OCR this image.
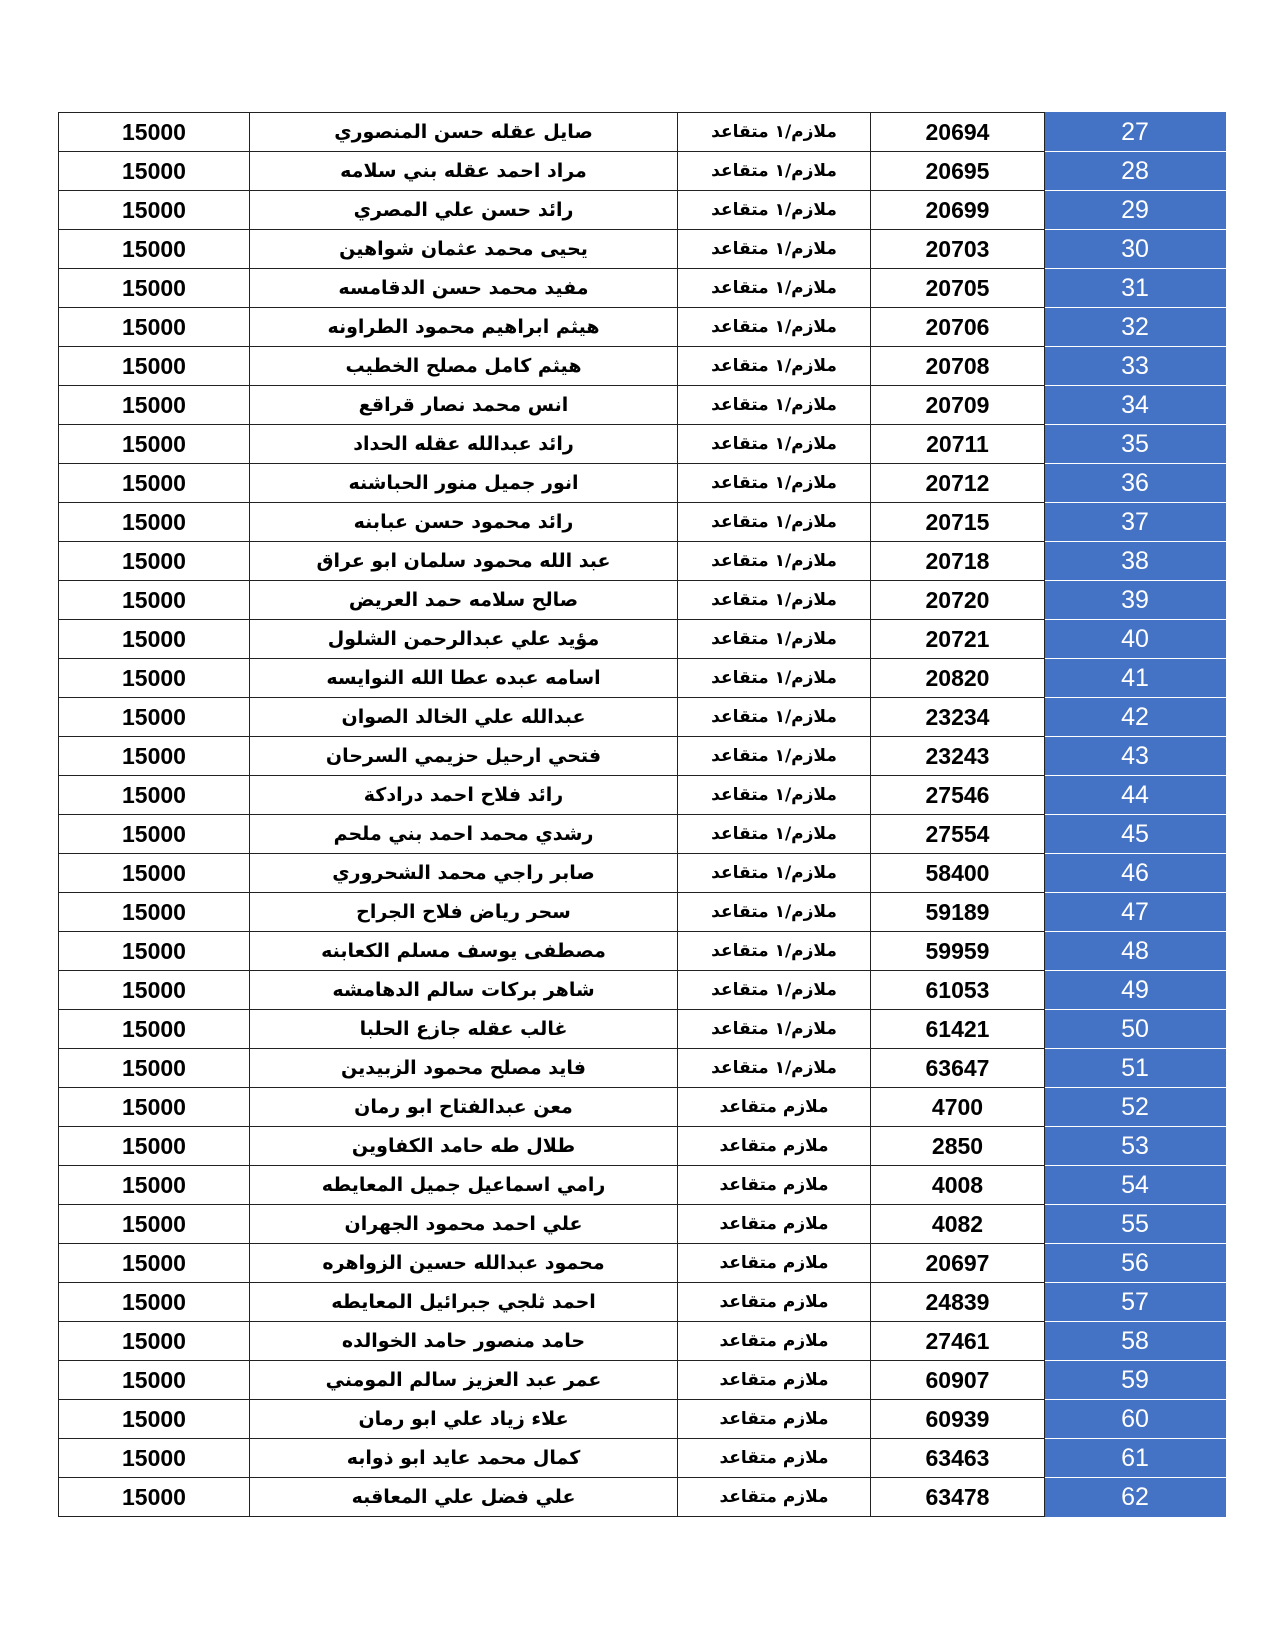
15000	صايل عقله حسن المنصوري	ملازم/١ متقاعد	20694	27
15000	مراد احمد عقله بني سلامه	ملازم/١ متقاعد	20695	28
15000	رائد حسن علي المصري	ملازم/١ متقاعد	20699	29
15000	يحيى محمد عثمان شواهين	ملازم/١ متقاعد	20703	30
15000	مفيد محمد حسن الدقامسه	ملازم/١ متقاعد	20705	31
15000	هيثم ابراهيم محمود الطراونه	ملازم/١ متقاعد	20706	32
15000	هيثم كامل مصلح الخطيب	ملازم/١ متقاعد	20708	33
15000	انس محمد نصار قراقع	ملازم/١ متقاعد	20709	34
15000	رائد عبدالله عقله الحداد	ملازم/١ متقاعد	20711	35
15000	انور جميل منور الحباشنه	ملازم/١ متقاعد	20712	36
15000	رائد محمود حسن عبابنه	ملازم/١ متقاعد	20715	37
15000	عبد الله محمود سلمان ابو عراق	ملازم/١ متقاعد	20718	38
15000	صالح سلامه حمد العريض	ملازم/١ متقاعد	20720	39
15000	مؤيد علي عبدالرحمن الشلول	ملازم/١ متقاعد	20721	40
15000	اسامه عبده عطا الله النوايسه	ملازم/١ متقاعد	20820	41
15000	عبدالله علي الخالد الصوان	ملازم/١ متقاعد	23234	42
15000	فتحي ارحيل حزيمي السرحان	ملازم/١ متقاعد	23243	43
15000	رائد فلاح احمد درادكة	ملازم/١ متقاعد	27546	44
15000	رشدي محمد احمد بني ملحم	ملازم/١ متقاعد	27554	45
15000	صابر راجي محمد الشحروري	ملازم/١ متقاعد	58400	46
15000	سحر رياض فلاح الجراح	ملازم/١ متقاعد	59189	47
15000	مصطفى يوسف مسلم الكعابنه	ملازم/١ متقاعد	59959	48
15000	شاهر بركات سالم الدهامشه	ملازم/١ متقاعد	61053	49
15000	غالب عقله جازع الحلبا	ملازم/١ متقاعد	61421	50
15000	فايد مصلح محمود الزبيدين	ملازم/١ متقاعد	63647	51
15000	معن عبدالفتاح ابو رمان	ملازم متقاعد	4700	52
15000	طلال طه حامد الكفاوين	ملازم متقاعد	2850	53
15000	رامي اسماعيل جميل المعايطه	ملازم متقاعد	4008	54
15000	علي احمد محمود الجهران	ملازم متقاعد	4082	55
15000	محمود عبدالله حسين الزواهره	ملازم متقاعد	20697	56
15000	احمد ثلجي جبرائيل المعايطه	ملازم متقاعد	24839	57
15000	حامد منصور حامد الخوالده	ملازم متقاعد	27461	58
15000	عمر عبد العزيز سالم المومني	ملازم متقاعد	60907	59
15000	علاء زياد علي ابو رمان	ملازم متقاعد	60939	60
15000	كمال محمد عايد ابو ذوابه	ملازم متقاعد	63463	61
15000	علي فضل علي المعاقبه	ملازم متقاعد	63478	62
